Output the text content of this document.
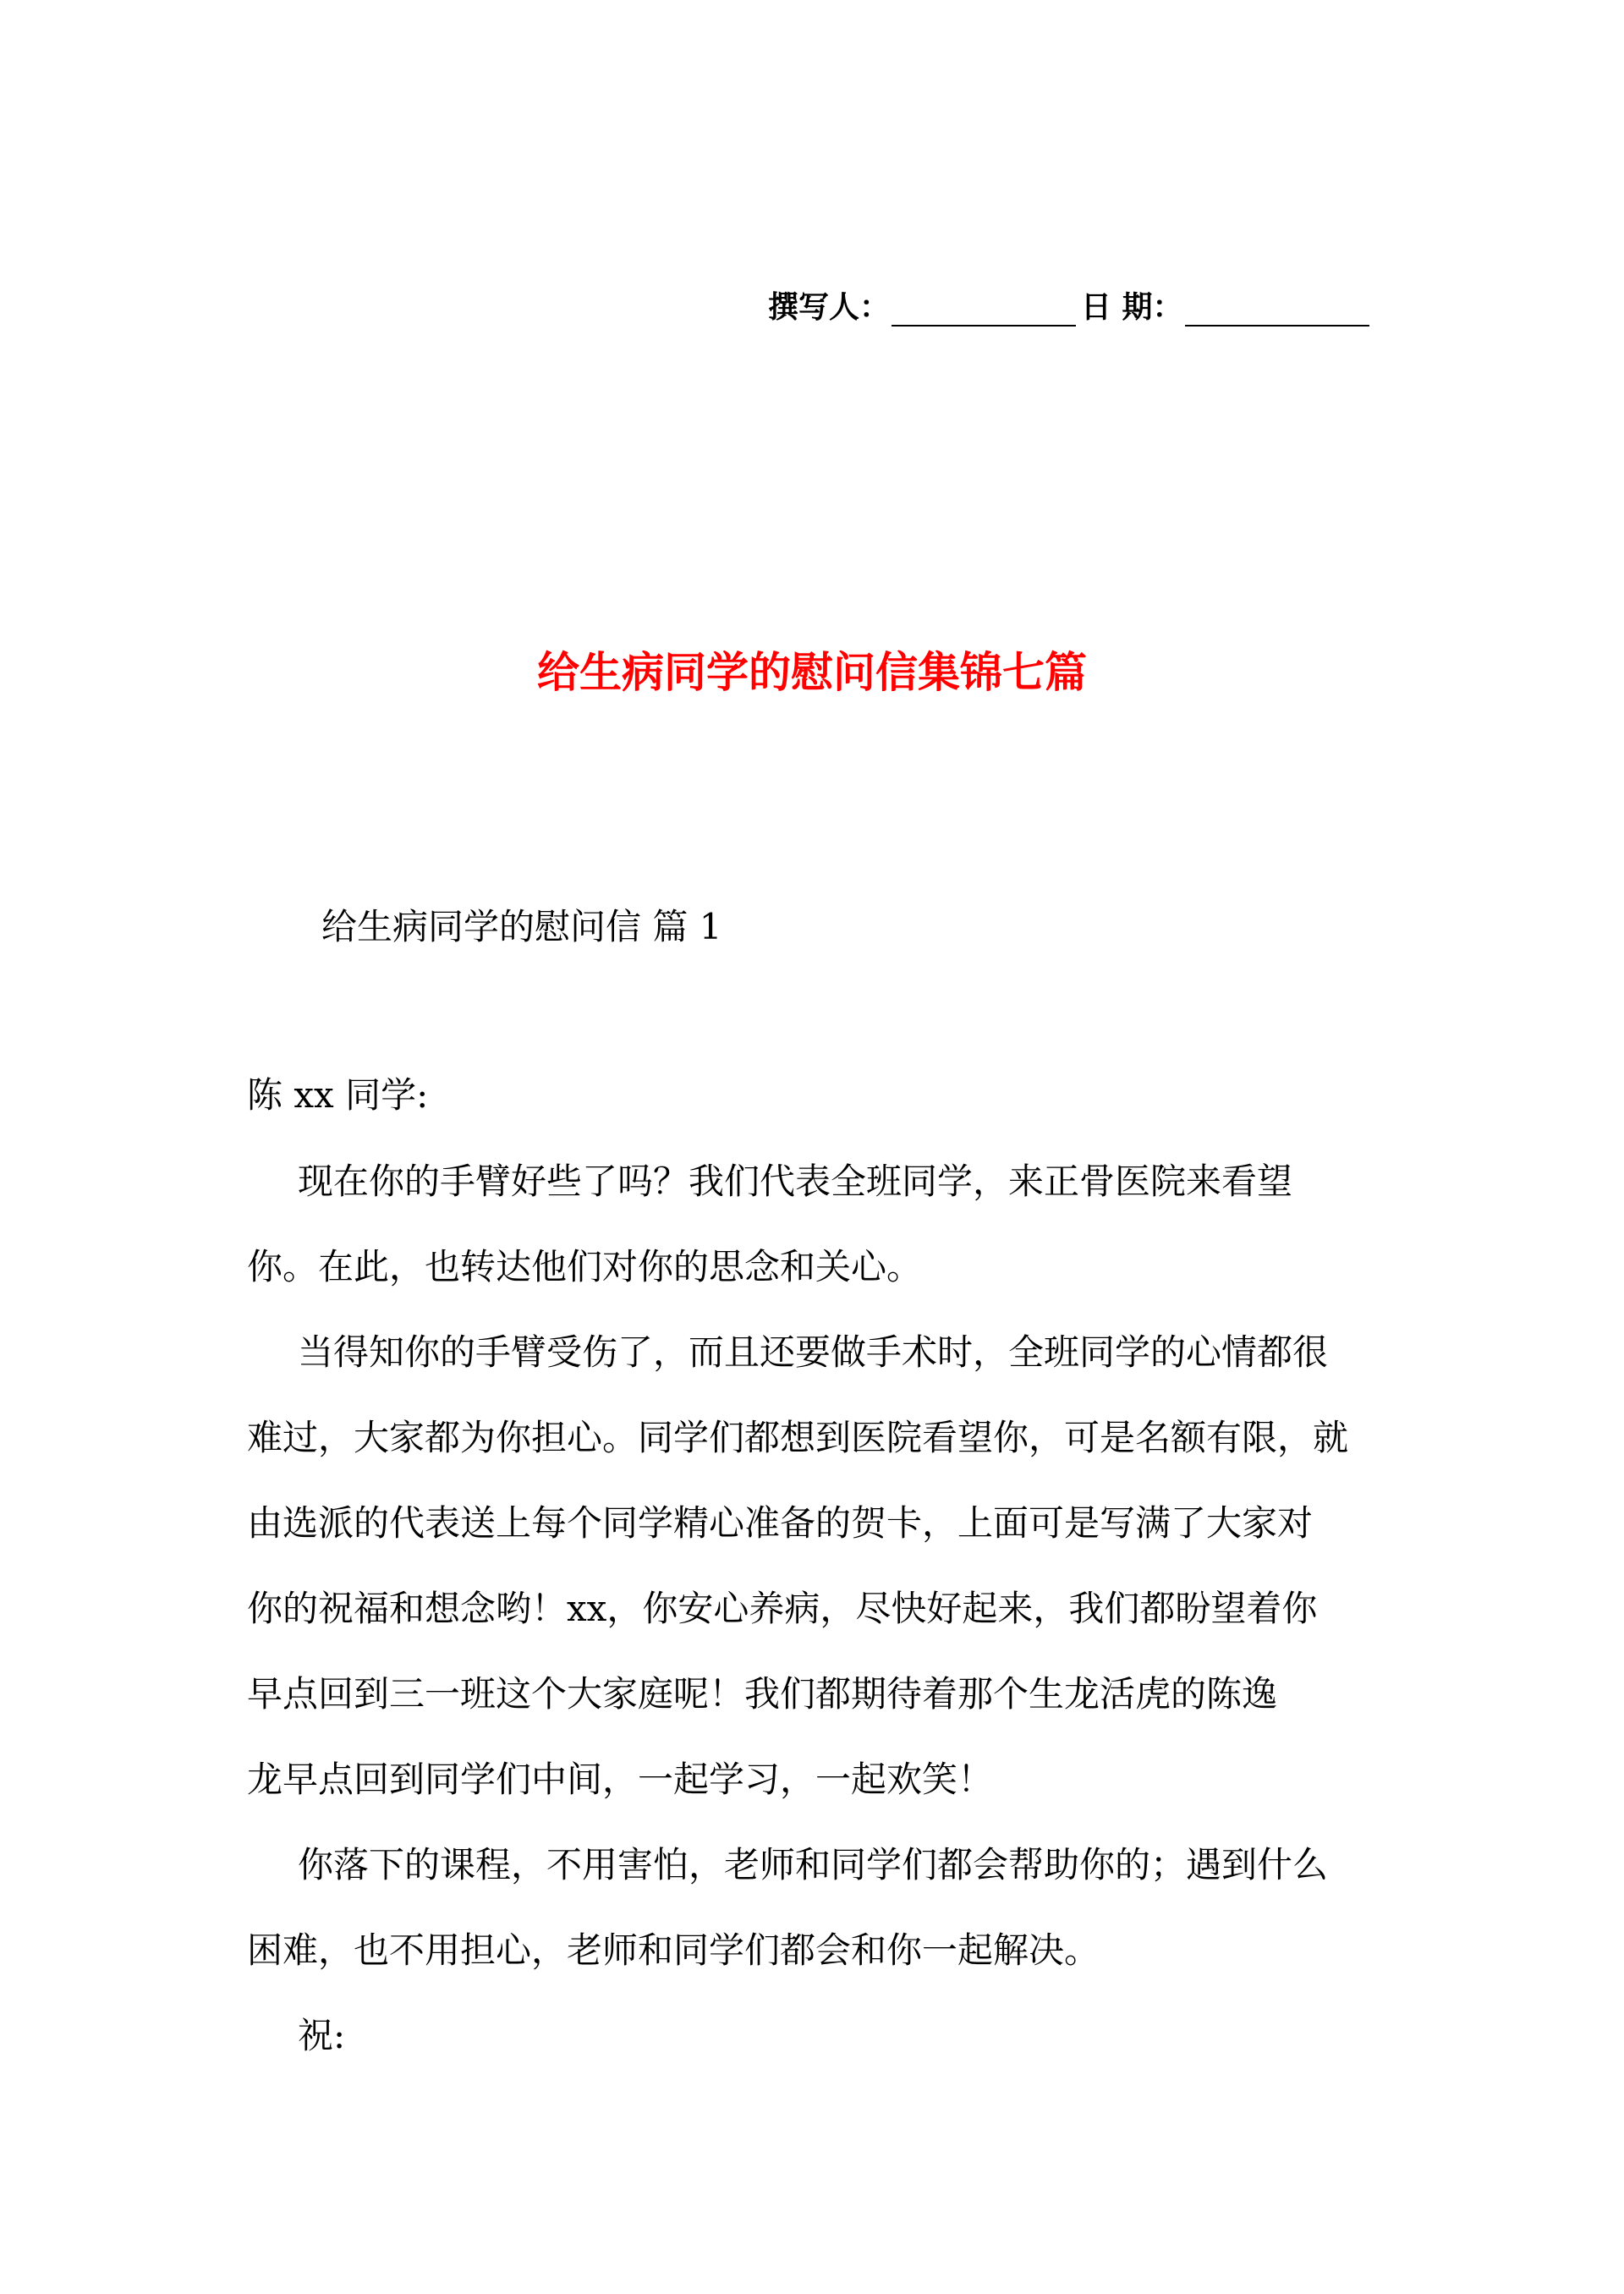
撰写人：	日 期：
给生病同学的慰问信集锦七篇
给生病同学的慰问信 篇 1
陈 xx 同学:
现在你的手臂好些了吗？我们代表全班同学，来正骨医院来看望
你。在此，也转达他们对你的思念和关心。
当得知你的手臂受伤了，而且还要做手术时，全班同学的心情都很
难过，大家都为你担心。同学们都想到医院看望你，可是名额有限，就
由选派的代表送上每个同学精心准备的贺卡，上面可是写满了大家对
你的祝福和想念哟！xx，你安心养病，尽快好起来，我们都盼望着你
早点回到三一班这个大家庭呢！我们都期待着那个生龙活虎的陈逸
龙早点回到同学们中间，一起学习，一起欢笑！
你落下的课程，不用害怕，老师和同学们都会帮助你的；遇到什么
困难，也不用担心，老师和同学们都会和你一起解决。
祝:
